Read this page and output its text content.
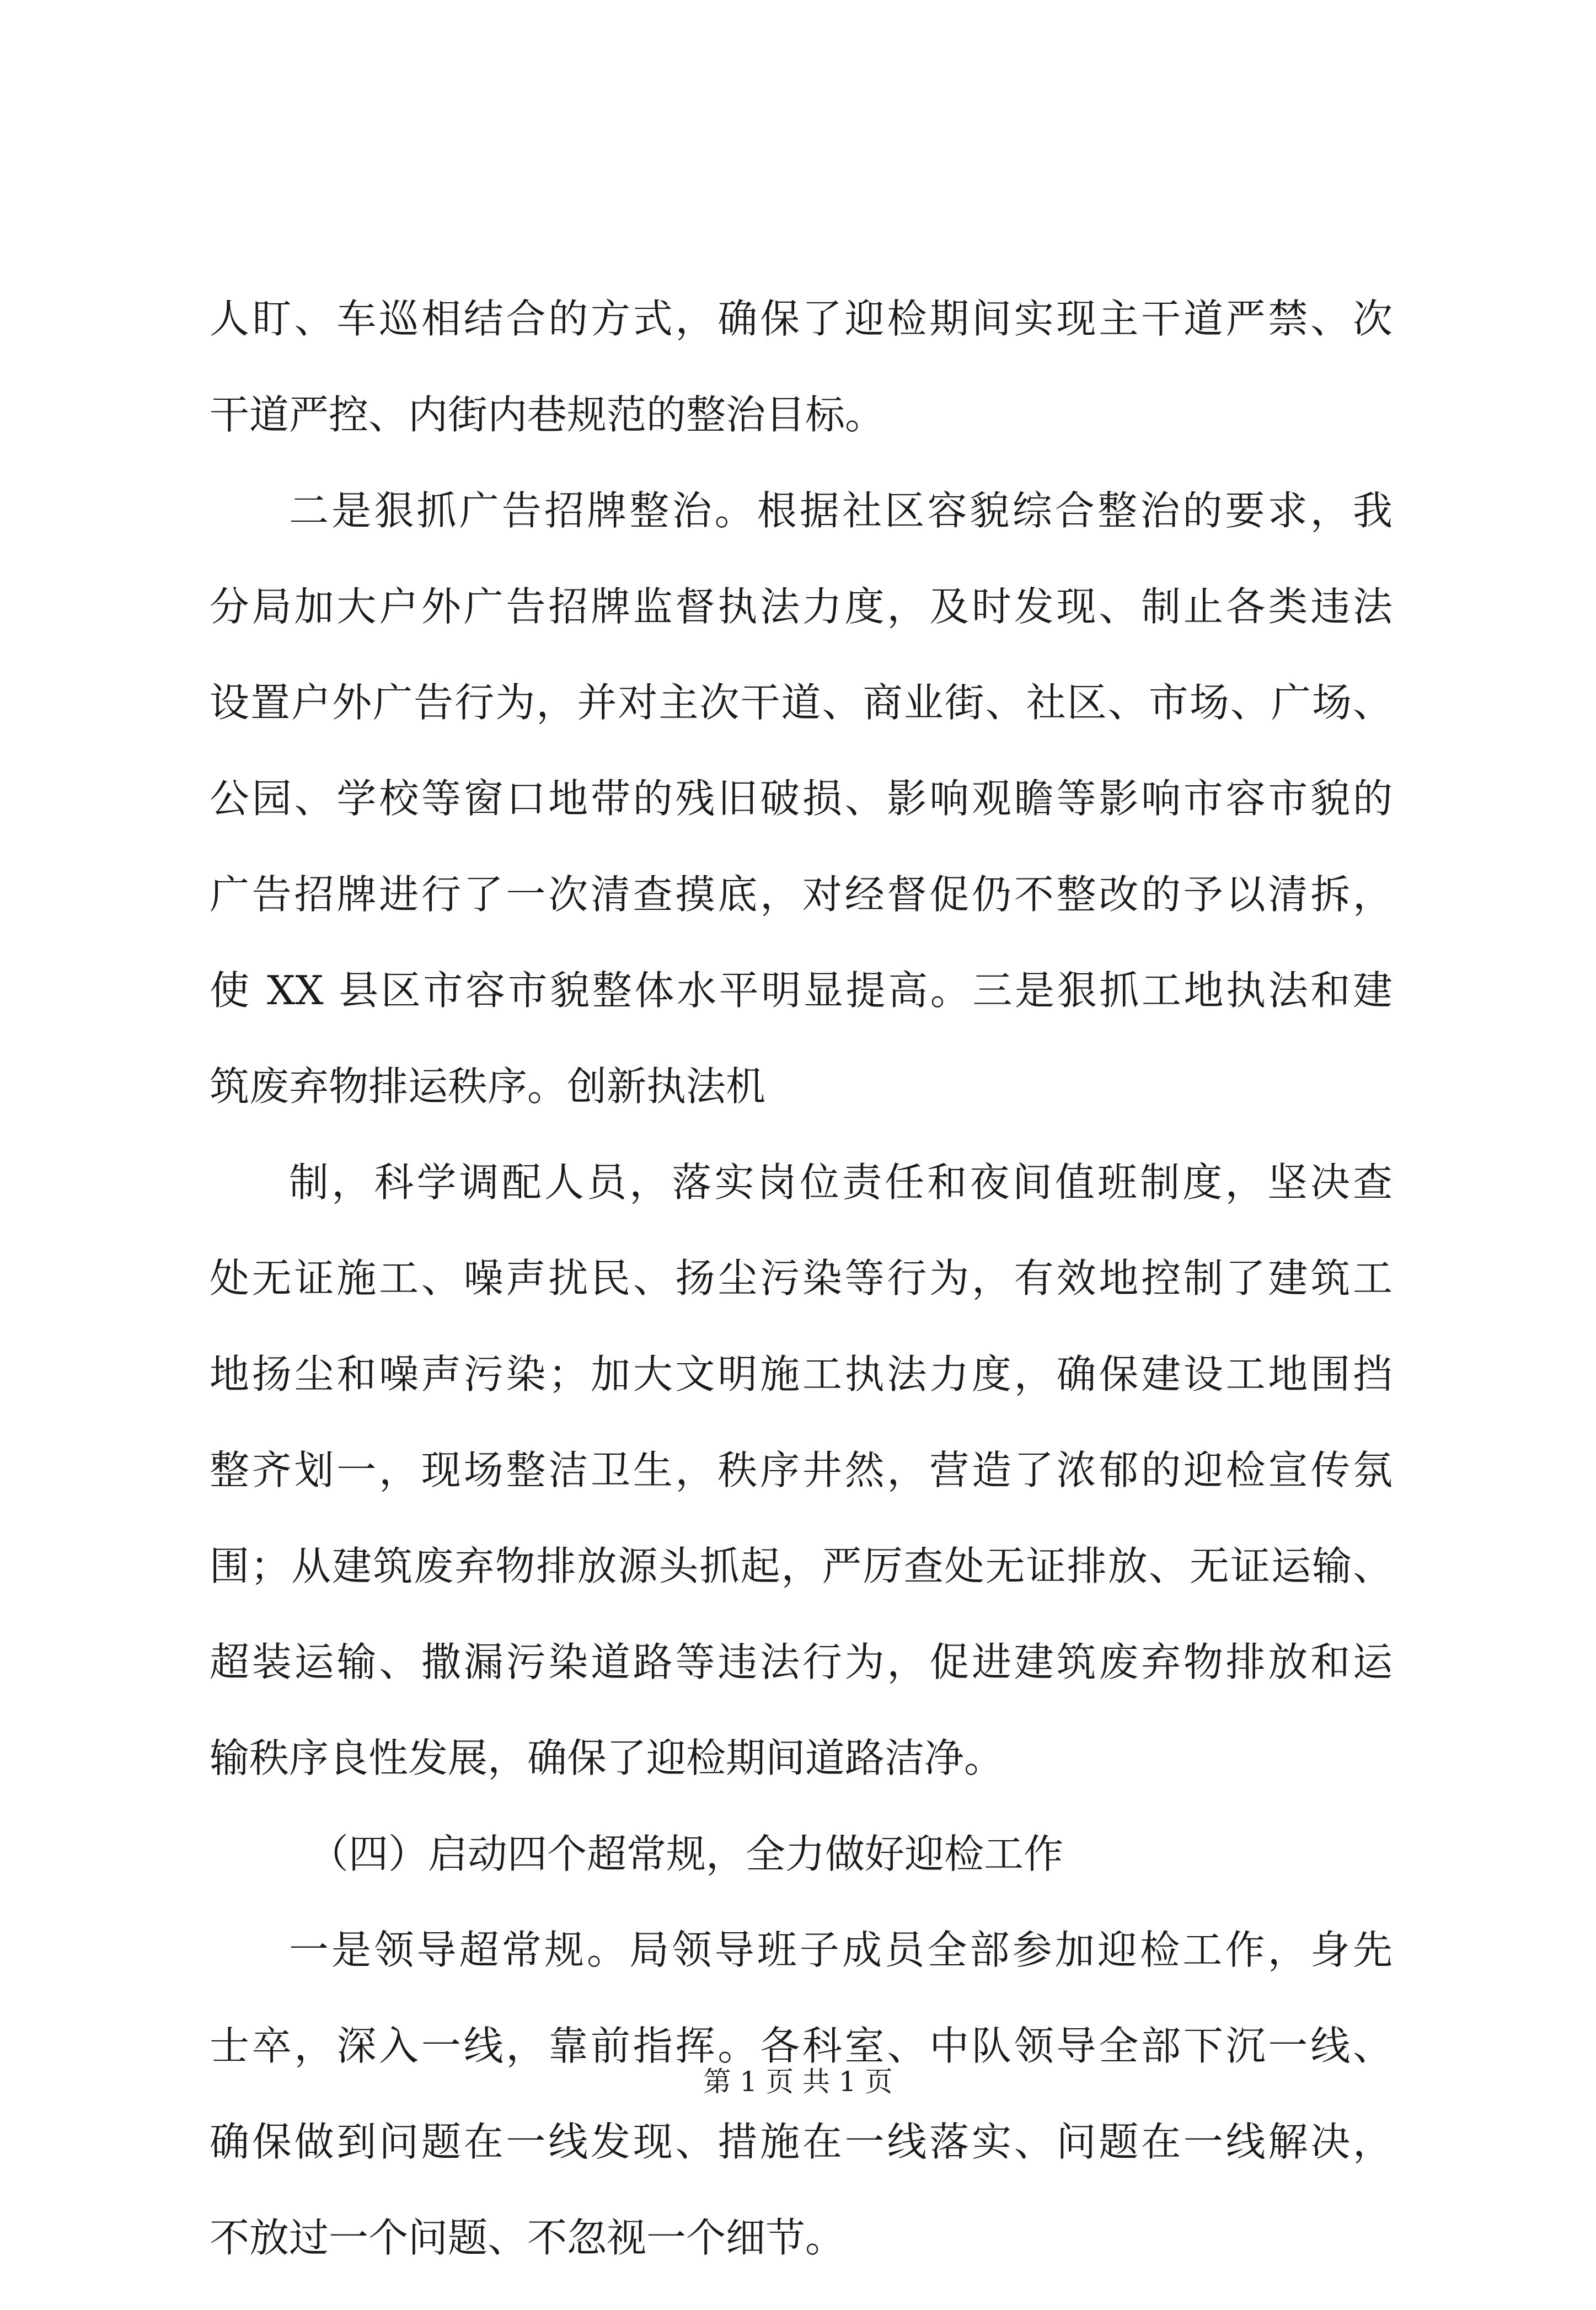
人盯、车巡相结合的方式，确保了迎检期间实现主干道严禁、次
干道严控、内街内巷规范的整治目标。
二是狠抓广告招牌整治。根据社区容貌综合整治的要求，我
分局加大户外广告招牌监督执法力度，及时发现、制止各类违法
设置户外广告行为，并对主次干道、商业街、社区、市场、广场、
公园、学校等窗口地带的残旧破损、影响观瞻等影响市容市貌的
广告招牌进行了一次清查摸底，对经督促仍不整改的予以清拆，
使 XX 县区市容市貌整体水平明显提高。三是狠抓工地执法和建
筑废弃物排运秩序。创新执法机
制，科学调配人员，落实岗位责任和夜间值班制度，坚决查
处无证施工、噪声扰民、扬尘污染等行为，有效地控制了建筑工
地扬尘和噪声污染；加大文明施工执法力度，确保建设工地围挡
整齐划一，现场整洁卫生，秩序井然，营造了浓郁的迎检宣传氛
围；从建筑废弃物排放源头抓起，严厉查处无证排放、无证运输、
超装运输、撒漏污染道路等违法行为，促进建筑废弃物排放和运
输秩序良性发展，确保了迎检期间道路洁净。
（四）启动四个超常规，全力做好迎检工作
一是领导超常规。局领导班子成员全部参加迎检工作，身先
士卒，深入一线，靠前指挥。各科室、中队领导全部下沉一线、
确保做到问题在一线发现、措施在一线落实、问题在一线解决，
不放过一个问题、不忽视一个细节。
第 1 页 共 1 页
